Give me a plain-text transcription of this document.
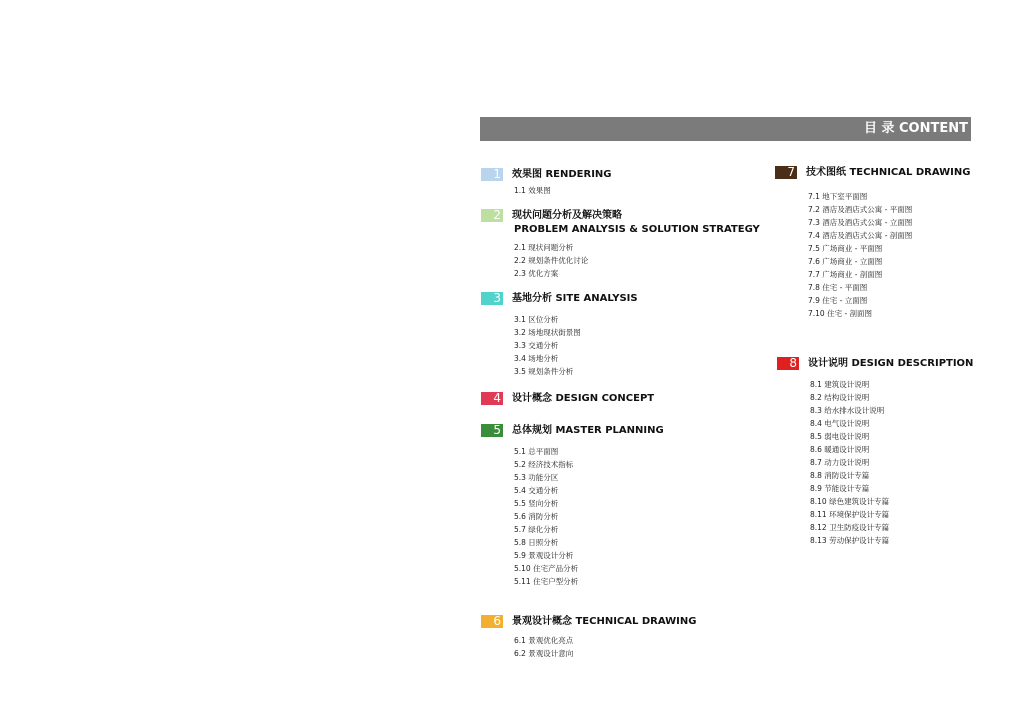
目 录 CONTENT
1 效果图 RENDERING
1.1 效果图
2 现状问题分析及解决策略
PROBLEM ANALYSIS & SOLUTION STRATEGY
2.1 现状问题分析
2.2 规划条件优化讨论
2.3 优化方案
3 基地分析 SITE ANALYSIS
3.1 区位分析
3.2 场地现状街景图
3.3 交通分析
3.4 场地分析
3.5 规划条件分析
4 设计概念 DESIGN CONCEPT
5 总体规划 MASTER PLANNING
5.1 总平面图
5.2 经济技术指标
5.3 功能分区
5.4 交通分析
5.5 竖向分析
5.6 消防分析
5.7 绿化分析
5.8 日照分析
5.9 景观设计分析
5.10 住宅产品分析
5.11 住宅户型分析
6 景观设计概念 TECHNICAL DRAWING
6.1 景观优化亮点
6.2 景观设计意向
7 技术图纸 TECHNICAL DRAWING
7.1 地下室平面图
7.2 酒店及酒店式公寓 - 平面图
7.3 酒店及酒店式公寓 - 立面图
7.4 酒店及酒店式公寓 - 剖面图
7.5 广场商业 - 平面图
7.6 广场商业 - 立面图
7.7 广场商业 - 剖面图
7.8 住宅 - 平面图
7.9 住宅 - 立面图
7.10 住宅 - 剖面图
8 设计说明 DESIGN DESCRIPTION
8.1 建筑设计说明
8.2 结构设计说明
8.3 给水排水设计说明
8.4 电气设计说明
8.5 弱电设计说明
8.6 暖通设计说明
8.7 动力设计说明
8.8 消防设计专篇
8.9 节能设计专篇
8.10 绿色建筑设计专篇
8.11 环境保护设计专篇
8.12 卫生防疫设计专篇
8.13 劳动保护设计专篇
